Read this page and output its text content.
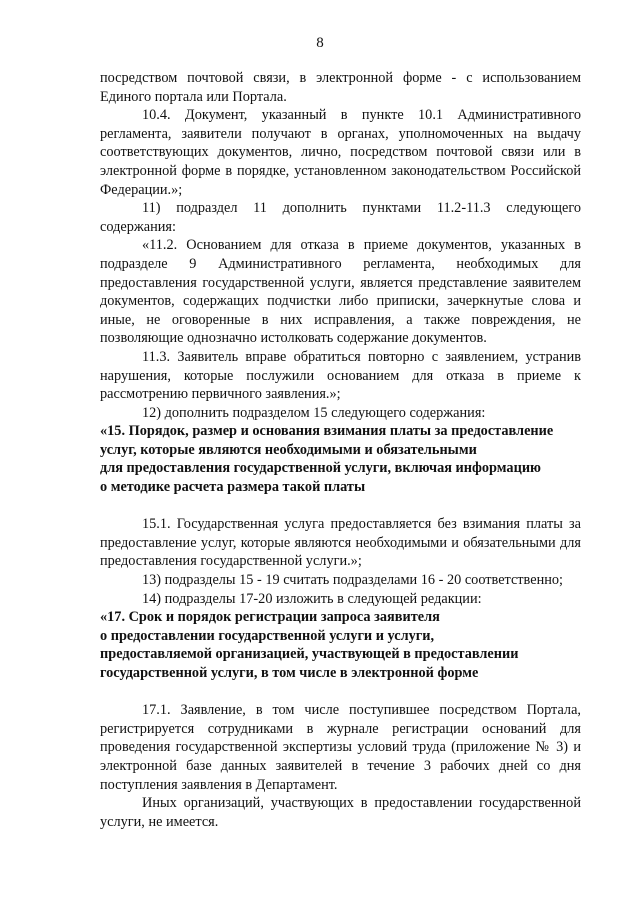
8

посредством почтовой связи, в электронной форме - с использованием Единого портала или Портала.

10.4. Документ, указанный в пункте 10.1 Административного регламента, заявители получают в органах, уполномоченных на выдачу соответствующих документов, лично, посредством почтовой связи или в электронной форме в порядке, установленном законодательством Российской Федерации.»;

11) подраздел 11 дополнить пунктами 11.2-11.3 следующего содержания:

«11.2. Основанием для отказа в приеме документов, указанных в подразделе 9 Административного регламента, необходимых для предоставления государственной услуги, является представление заявителем документов, содержащих подчистки либо приписки, зачеркнутые слова и иные, не оговоренные в них исправления, а также повреждения, не позволяющие однозначно истолковать содержание документов.

11.3. Заявитель вправе обратиться повторно с заявлением, устранив нарушения, которые послужили основанием для отказа в приеме к рассмотрению первичного заявления.»;

12) дополнить подразделом 15 следующего содержания:

«15. Порядок, размер и основания взимания платы за предоставление

услуг, которые являются необходимыми и обязательными

для предоставления государственной услуги, включая информацию

о методике расчета размера такой платы

15.1. Государственная услуга предоставляется без взимания платы за предоставление услуг, которые являются необходимыми и обязательными для предоставления государственной услуги.»;

13) подразделы 15 - 19 считать подразделами 16 - 20 соответственно;

14) подразделы 17-20 изложить в следующей редакции:

«17. Срок и порядок регистрации запроса заявителя

о предоставлении государственной услуги и услуги,

предоставляемой организацией, участвующей в предоставлении

государственной услуги, в том числе в электронной форме

17.1. Заявление, в том числе поступившее посредством Портала, регистрируется сотрудниками в журнале регистрации оснований для проведения государственной экспертизы условий труда (приложение № 3) и электронной базе данных заявителей в течение 3 рабочих дней со дня поступления заявления в Департамент.

Иных организаций, участвующих в предоставлении государственной услуги, не имеется.
